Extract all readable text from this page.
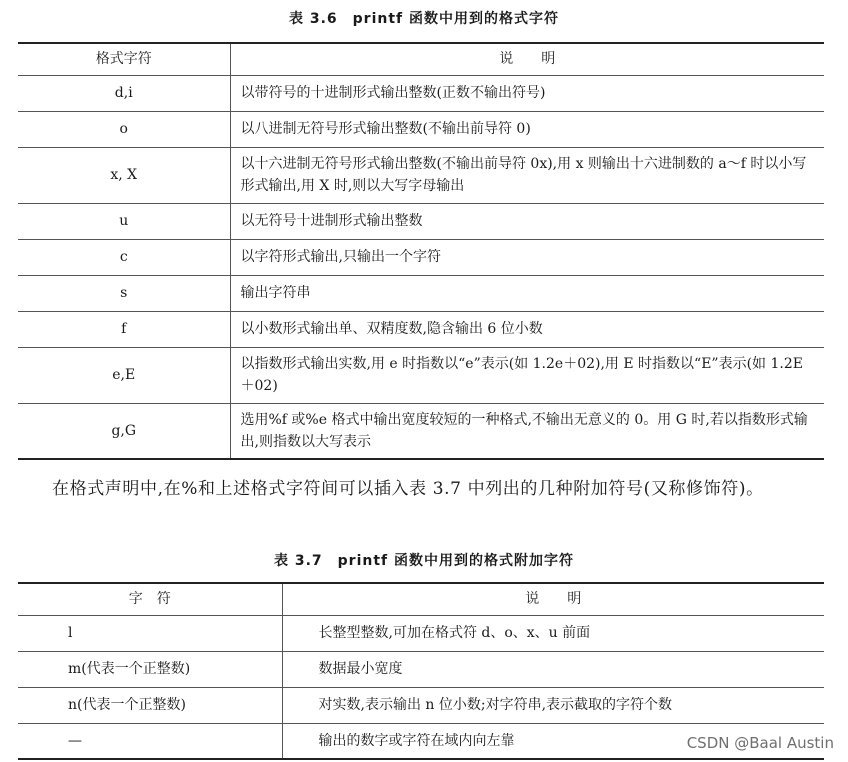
表 3.6　printf 函数中用到的格式字符
格式字符	说　　明
d,i	以带符号的十进制形式输出整数(正数不输出符号)
o	以八进制无符号形式输出整数(不输出前导符 0)
x, X	以十六进制无符号形式输出整数(不输出前导符 0x),用 x 则输出十六进制数的 a～f 时以小写形式输出,用 X 时,则以大写字母输出
u	以无符号十进制形式输出整数
c	以字符形式输出,只输出一个字符
s	输出字符串
f	以小数形式输出单、双精度数,隐含输出 6 位小数
e,E	以指数形式输出实数,用 e 时指数以“e”表示(如 1.2e＋02),用 E 时指数以“E”表示(如 1.2E＋02)
g,G	选用%f 或%e 格式中输出宽度较短的一种格式,不输出无意义的 0。用 G 时,若以指数形式输出,则指数以大写表示
在格式声明中,在%和上述格式字符间可以插入表 3.7 中列出的几种附加符号(又称修饰符)。
表 3.7　printf 函数中用到的格式附加字符
字　符	说　　明
l	长整型整数,可加在格式符 d、o、x、u 前面
m(代表一个正整数)	数据最小宽度
n(代表一个正整数)	对实数,表示输出 n 位小数;对字符串,表示截取的字符个数
—	输出的数字或字符在域内向左靠	CSDN @Baal Austin
